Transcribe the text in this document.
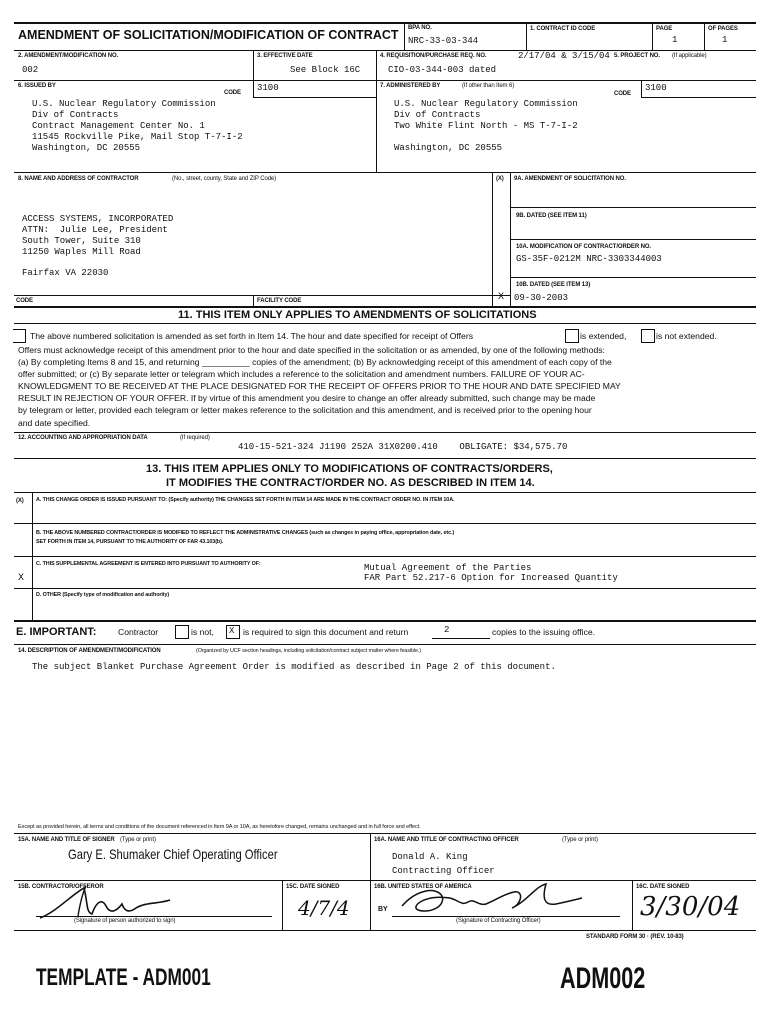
AMENDMENT OF SOLICITATION/MODIFICATION OF CONTRACT BPA NO.
NRC-33-03-344
1. CONTRACT ID CODE	PAGE
1
OF PAGES
1
2. AMENDMENT/MODIFICATION NO.
002
3. EFFECTIVE DATE
See Block 16C
4. REQUISITION/PURCHASE REQ. NO.	2/17/04 & 3/15/04
CIO-03-344-003 dated
5. PROJECT NO. (If applicable)
6. ISSUED BY
CODE 3100
U.S. Nuclear Regulatory Commission
Div of Contracts
Contract Management Center No. 1
11545 Rockville Pike, Mail Stop T-7-I-2
Washington, DC 20555
7. ADMINISTERED BY	(If other than Item 6)
CODE
3100
U.S. Nuclear Regulatory Commission
Div of Contracts
Two White Flint North - MS T-7-I-2
Washington, DC 20555
8. NAME AND ADDRESS OF CONTRACTOR	(No., street, county, State and ZIP Code)
ACCESS SYSTEMS, INCORPORATED
ATTN:  Julie Lee, President
South Tower, Suite 310
11250 Waples Mill Road
Fairfax VA 22030
CODE	FACILITY CODE
(X) 9A. AMENDMENT OF SOLICITATION NO.
9B. DATED (SEE ITEM 11)
10A. MODIFICATION OF CONTRACT/ORDER NO.
GS-35F-0212M NRC-3303344003
10B. DATED (SEE ITEM 13)
09-30-2003
X
11. THIS ITEM ONLY APPLIES TO AMENDMENTS OF SOLICITATIONS
The above numbered solicitation is amended as set forth in Item 14. The hour and date specified for receipt of Offers	is extended,	is not extended.
Offers must acknowledge receipt of this amendment prior to the hour and date specified in the solicitation or as amended, by one of the following methods:
(a) By completing Items 8 and 15, and returning __________ copies of the amendment; (b) By acknowledging receipt of this amendment of each copy of the
offer submitted; or (c) By separate letter or telegram which includes a reference to the solicitation and amendment numbers. FAILURE OF YOUR AC-
KNOWLEDGMENT TO BE RECEIVED AT THE PLACE DESIGNATED FOR THE RECEIPT OF OFFERS PRIOR TO THE HOUR AND DATE SPECIFIED MAY
RESULT IN REJECTION OF YOUR OFFER. If by virtue of this amendment you desire to change an offer already submitted, such change may be made
by telegram or letter, provided each telegram or letter makes reference to the solicitation and this amendment, and is received prior to the opening hour
and date specified.
12. ACCOUNTING AND APPROPRIATION DATA	(If required)
410-15-521-324 J1190 252A 31X0200.410    OBLIGATE: $34,575.70
13. THIS ITEM APPLIES ONLY TO MODIFICATIONS OF CONTRACTS/ORDERS,
IT MODIFIES THE CONTRACT/ORDER NO. AS DESCRIBED IN ITEM 14.
(X) A. THIS CHANGE ORDER IS ISSUED PURSUANT TO: (Specify authority) THE CHANGES SET FORTH IN ITEM 14 ARE MADE IN THE CONTRACT ORDER NO. IN ITEM 10A.
B. THE ABOVE NUMBERED CONTRACT/ORDER IS MODIFIED TO REFLECT THE ADMINISTRATIVE CHANGES (such as changes in paying office, appropriation date, etc.)
SET FORTH IN ITEM 14, PURSUANT TO THE AUTHORITY OF FAR 43.103(b).
C. THIS SUPPLEMENTAL AGREEMENT IS ENTERED INTO PURSUANT TO AUTHORITY OF:	Mutual Agreement of the Parties
FAR Part 52.217-6 Option for Increased Quantity
X
D. OTHER (Specify type of modification and authority)
E. IMPORTANT:	Contractor	is not, X is required to sign this document and return	2	copies to the issuing office.
14. DESCRIPTION OF AMENDMENT/MODIFICATION	(Organized by UCF section headings, including solicitation/contract subject matter where feasible.)
The subject Blanket Purchase Agreement Order is modified as described in Page 2 of this document.
Except as provided herein, all terms and conditions of the document referenced in Item 9A or 10A, as heretofore changed, remains unchanged and in full force and effect.
15A. NAME AND TITLE OF SIGNER (Type or print)
Gary E. Shumaker Chief Operating Officer
16A. NAME AND TITLE OF CONTRACTING OFFICER	(Type or print)
Donald A. King
Contracting Officer
15B. CONTRACTOR/OFFEROR
(Signature of person authorized to sign)
15C. DATE SIGNED
4/7/4
16B. UNITED STATES OF AMERICA
BY
(Signature of Contracting Officer)
16C. DATE SIGNED
3/30/04
STANDARD FORM 30 · (REV. 10-83)
TEMPLATE - ADM001	ADM002
